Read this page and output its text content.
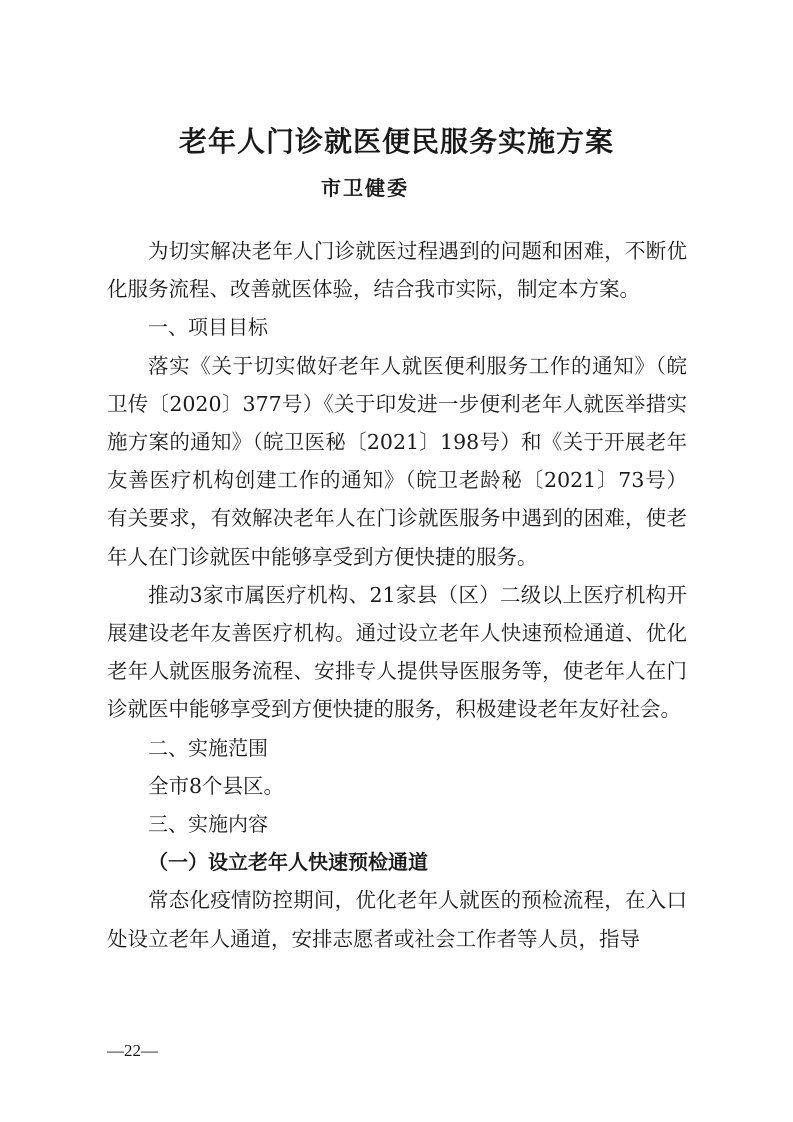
老年人门诊就医便民服务实施方案
市卫健委

为切实解决老年人门诊就医过程遇到的问题和困难，不断优化服务流程、改善就医体验，结合我市实际，制定本方案。

一、项目目标

落实《关于切实做好老年人就医便利服务工作的通知》（皖卫传〔2020〕377号）《关于印发进一步便利老年人就医举措实施方案的通知》（皖卫医秘〔2021〕198号）和《关于开展老年友善医疗机构创建工作的通知》（皖卫老龄秘〔2021〕73号）有关要求，有效解决老年人在门诊就医服务中遇到的困难，使老年人在门诊就医中能够享受到方便快捷的服务。

推动3家市属医疗机构、21家县（区）二级以上医疗机构开展建设老年友善医疗机构。通过设立老年人快速预检通道、优化老年人就医服务流程、安排专人提供导医服务等，使老年人在门诊就医中能够享受到方便快捷的服务，积极建设老年友好社会。

二、实施范围

全市8个县区。

三、实施内容

（一）设立老年人快速预检通道

常态化疫情防控期间，优化老年人就医的预检流程，在入口处设立老年人通道，安排志愿者或社会工作者等人员，指导

—22—
